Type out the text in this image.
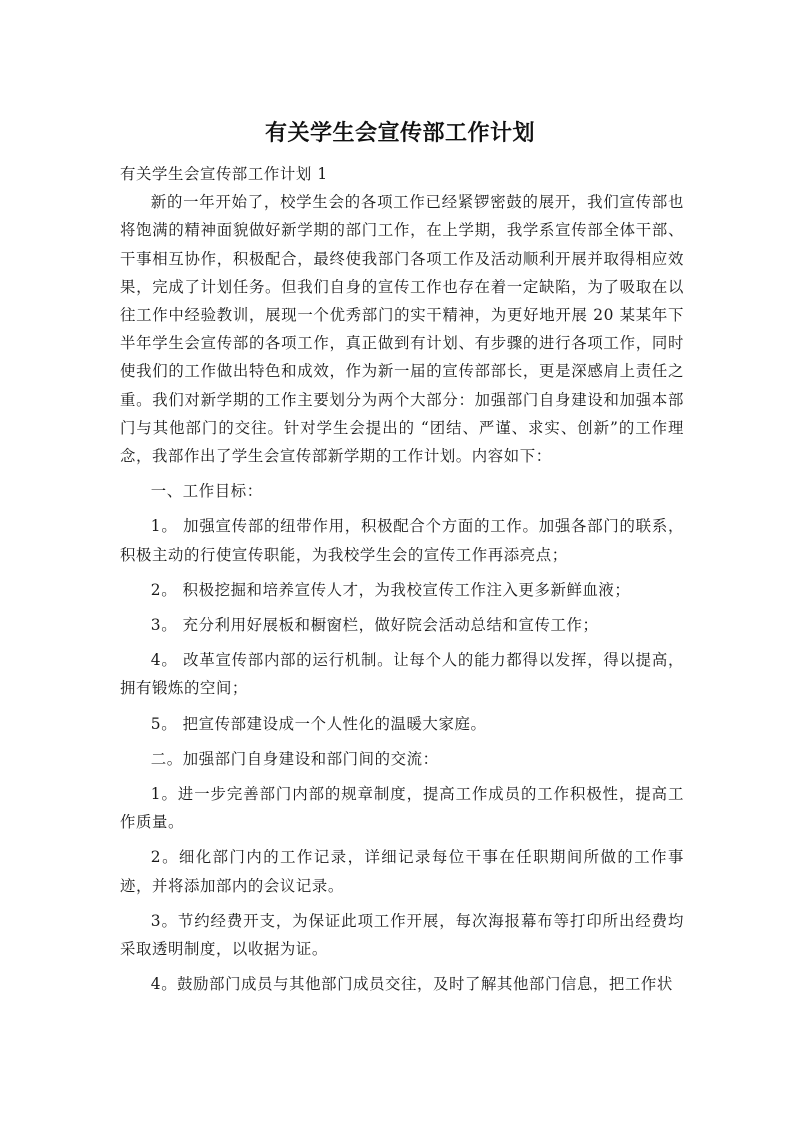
有关学生会宣传部工作计划

有关学生会宣传部工作计划 1

新的一年开始了，校学生会的各项工作已经紧锣密鼓的展开，我们宣传部也将饱满的精神面貌做好新学期的部门工作，在上学期，我学系宣传部全体干部、干事相互协作，积极配合，最终使我部门各项工作及活动顺利开展并取得相应效果，完成了计划任务。但我们自身的宣传工作也存在着一定缺陷，为了吸取在以往工作中经验教训，展现一个优秀部门的实干精神，为更好地开展 20 某某年下半年学生会宣传部的各项工作，真正做到有计划、有步骤的进行各项工作，同时使我们的工作做出特色和成效，作为新一届的宣传部部长，更是深感肩上责任之重。我们对新学期的工作主要划分为两个大部分：加强部门自身建设和加强本部门与其他部门的交往。针对学生会提出的 “团结、严谨、求实、创新”的工作理念，我部作出了学生会宣传部新学期的工作计划。内容如下：

一、工作目标：

1。 加强宣传部的纽带作用，积极配合个方面的工作。加强各部门的联系，积极主动的行使宣传职能，为我校学生会的宣传工作再添亮点；

2。 积极挖掘和培养宣传人才，为我校宣传工作注入更多新鲜血液；

3。 充分利用好展板和橱窗栏，做好院会活动总结和宣传工作；

4。 改革宣传部内部的运行机制。让每个人的能力都得以发挥，得以提高，拥有锻炼的空间；

5。 把宣传部建设成一个人性化的温暖大家庭。

二。加强部门自身建设和部门间的交流：

1。进一步完善部门内部的规章制度，提高工作成员的工作积极性，提高工作质量。

2。细化部门内的工作记录，详细记录每位干事在任职期间所做的工作事迹，并将添加部内的会议记录。

3。节约经费开支，为保证此项工作开展，每次海报幕布等打印所出经费均采取透明制度，以收据为证。

4。鼓励部门成员与其他部门成员交往，及时了解其他部门信息，把工作状
